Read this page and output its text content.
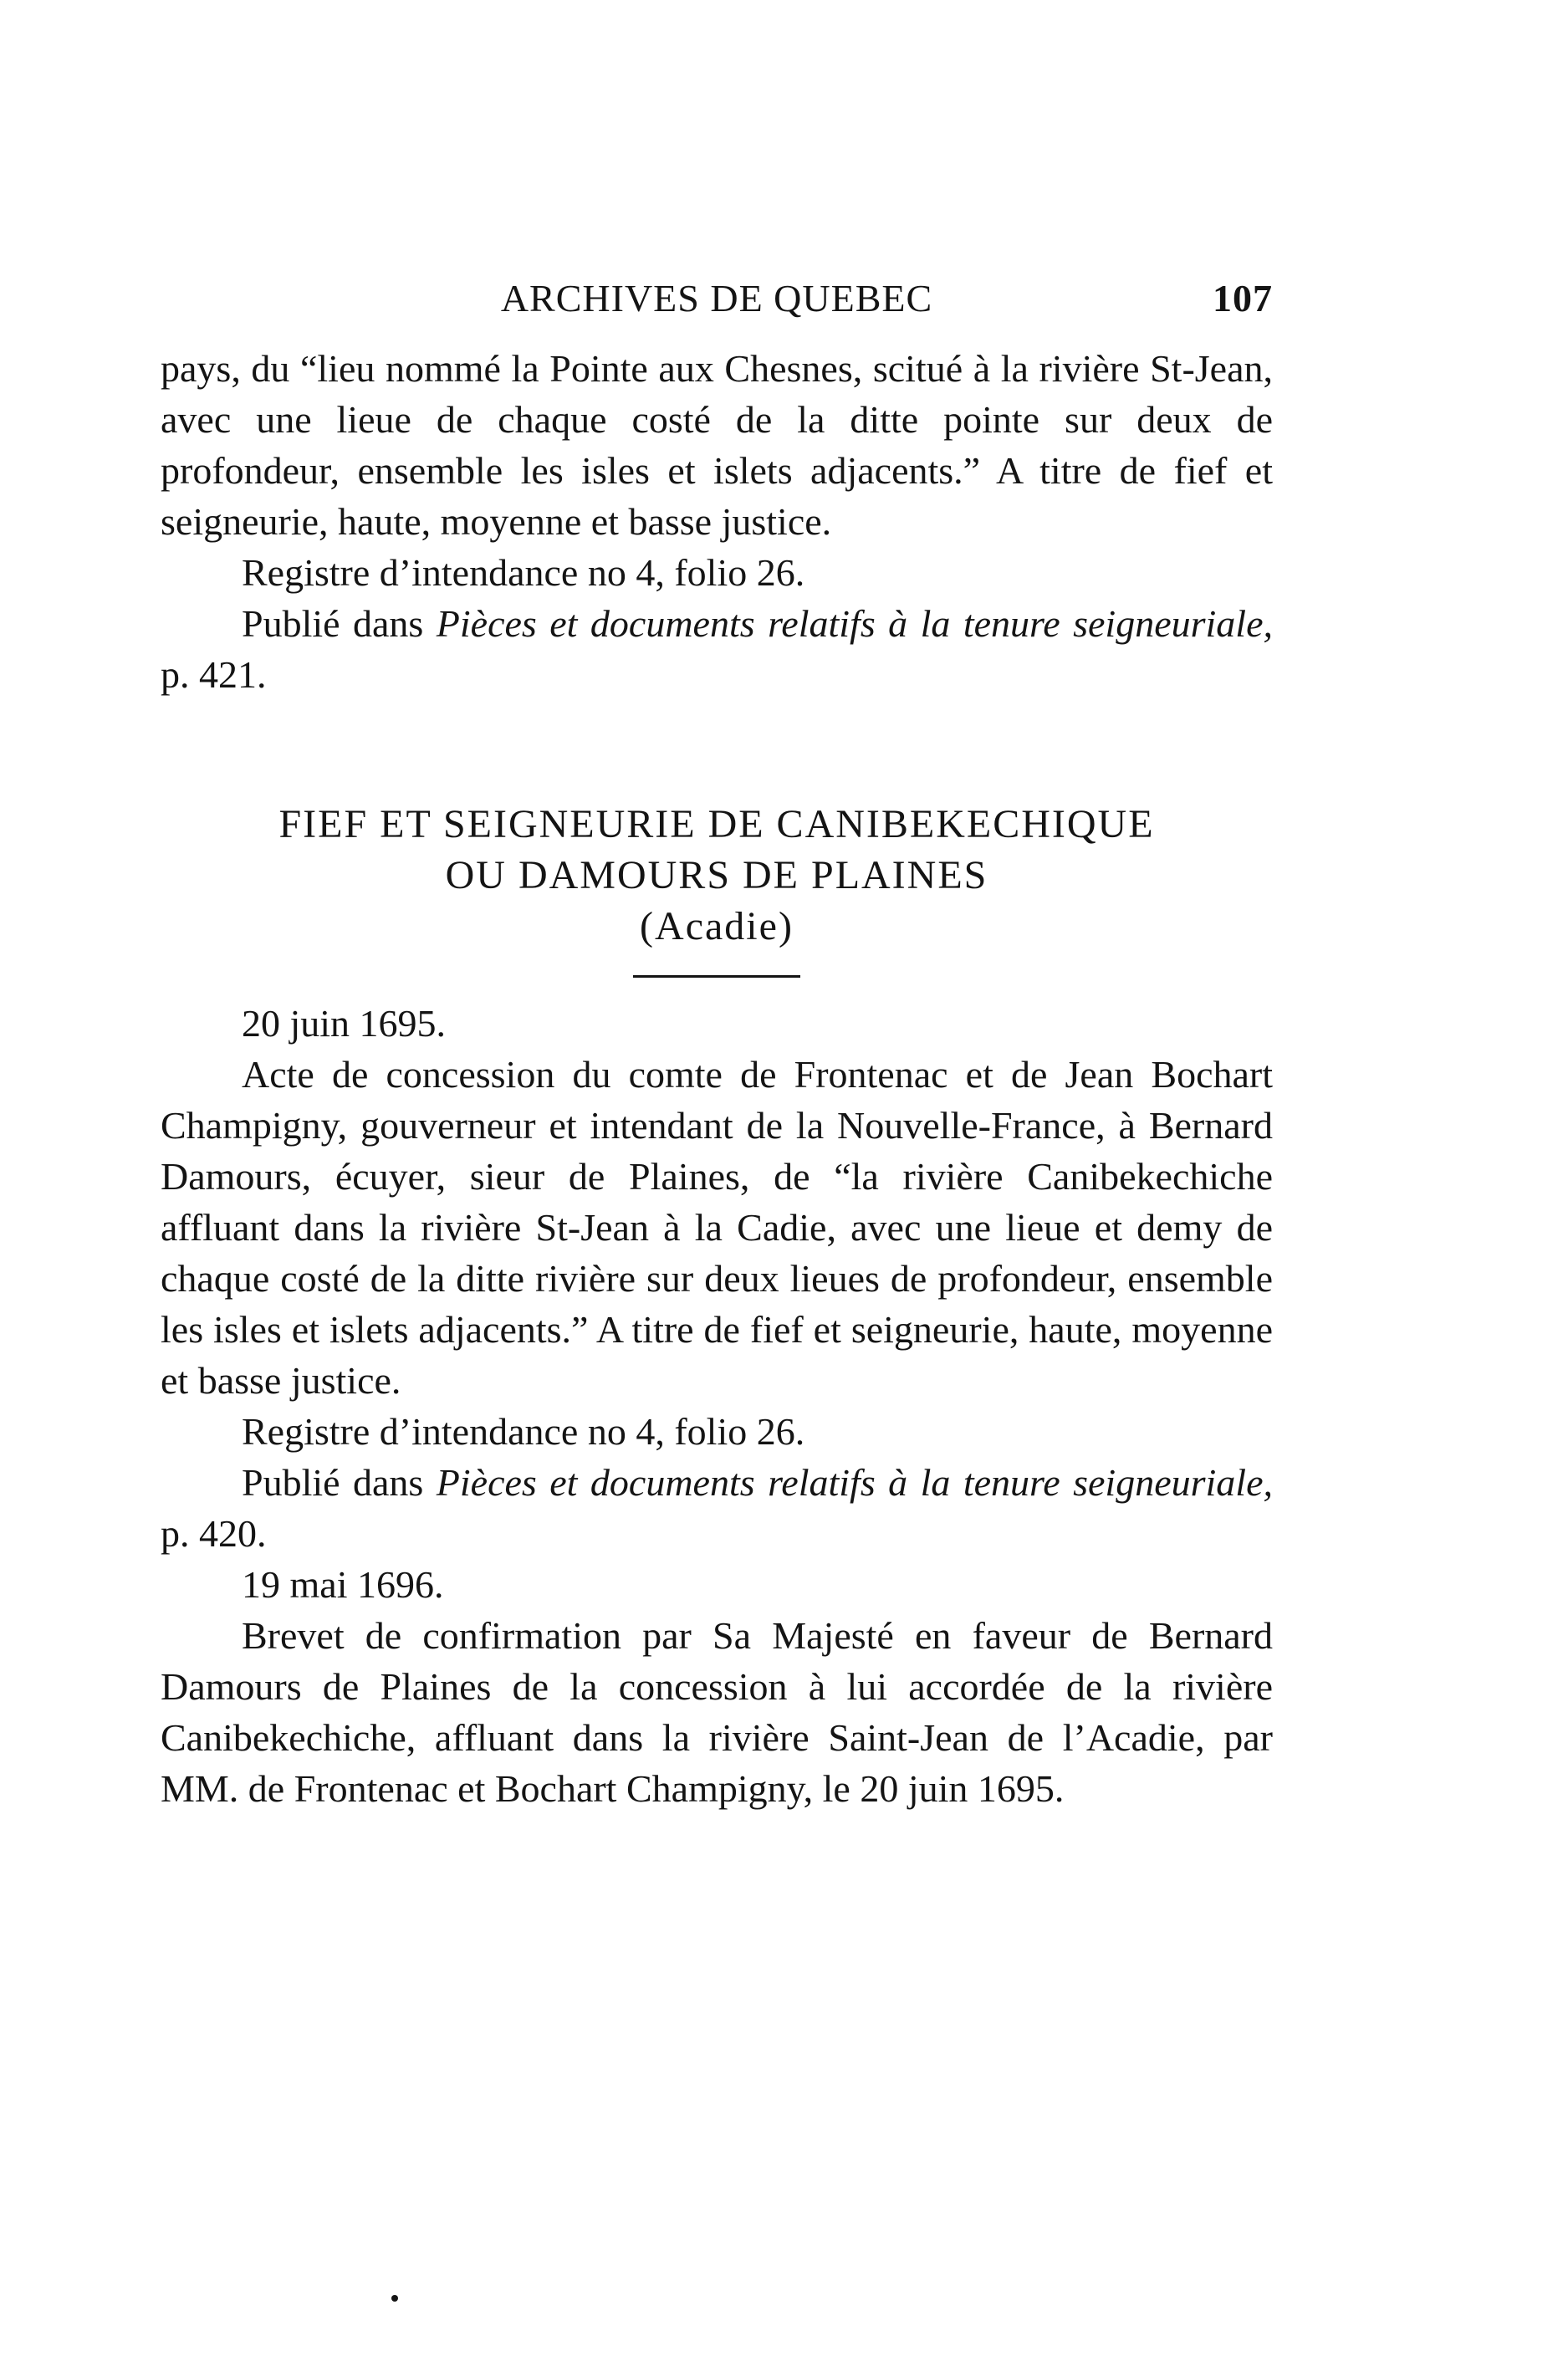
ARCHIVES DE QUEBEC	107

pays, du “lieu nommé la Pointe aux Chesnes, scitué à la rivière St-Jean, avec une lieue de chaque costé de la ditte pointe sur deux de profondeur, ensemble les isles et islets adjacents.” A titre de fief et seigneurie, haute, moyenne et basse justice.

Registre d’intendance no 4, folio 26.

Publié dans Pièces et documents relatifs à la tenure seigneuriale, p. 421.

FIEF ET SEIGNEURIE DE CANIBEKECHIQUE
OU DAMOURS DE PLAINES
(Acadie)

20 juin 1695.

Acte de concession du comte de Frontenac et de Jean Bochart Champigny, gouverneur et intendant de la Nouvelle-France, à Bernard Damours, écuyer, sieur de Plaines, de “la rivière Canibekechiche affluant dans la rivière St-Jean à la Cadie, avec une lieue et demy de chaque costé de la ditte rivière sur deux lieues de profondeur, ensemble les isles et islets adjacents.” A titre de fief et seigneurie, haute, moyenne et basse justice.

Registre d’intendance no 4, folio 26.

Publié dans Pièces et documents relatifs à la tenure seigneuriale, p. 420.

19 mai 1696.

Brevet de confirmation par Sa Majesté en faveur de Bernard Damours de Plaines de la concession à lui accordée de la rivière Canibekechiche, affluant dans la rivière Saint-Jean de l’Acadie, par MM. de Frontenac et Bochart Champigny, le 20 juin 1695.
